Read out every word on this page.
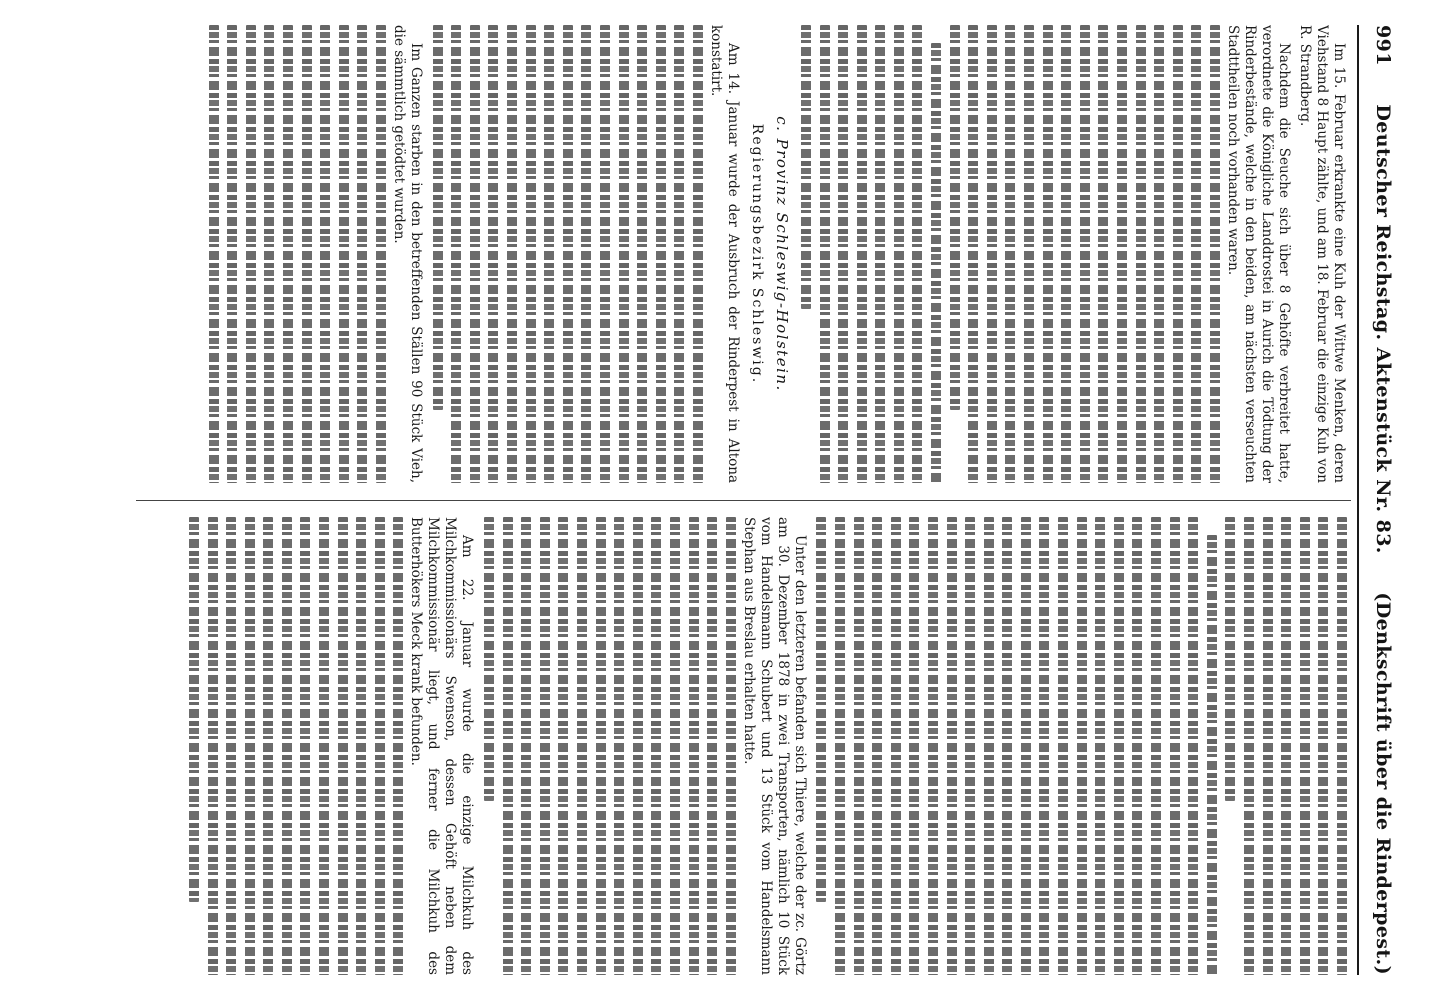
991
Deutscher Reichstag. Aktenstück Nr. 83.
(Denkschrift über die Rinderpest.)

Im 15. Februar erkrankte eine Kuh der Wittwe Menken, deren Viehstand 8 Haupt zählte, und am 18. Februar die einzige Kuh von R. Strandberg.

Nachdem die Seuche sich über 8 Gehöfte verbreitet hatte, verordnete die Königliche Landdrostei in Aurich die Tödtung der Rinderbestände, welche in den beiden, am nächsten verseuchten Stadttheilen noch vorhanden waren.

c. Provinz Schleswig-Holstein.
Regierungsbezirk Schleswig.

Am 14. Januar wurde der Ausbruch der Rinderpest in Altona konstatirt.

Im Ganzen starben in den betreffenden Ställen 90 Stück Vieh, die sämmtlich getödtet wurden.

Unter den letzteren befanden sich Thiere, welche der zc. Görtz am 30. Dezember 1878 in zwei Transporten, nämlich 10 Stück vom Handelsmann Schubert und 13 Stück vom Handelsmann Stephan aus Breslau erhalten hatte.

Am 22. Januar wurde die einzige Milchkuh des Milchkommissionärs Swenson, dessen Gehöft neben dem Milchkommissionär liegt, und ferner die Milchkuh des Butterhökers Meck krank befunden.
